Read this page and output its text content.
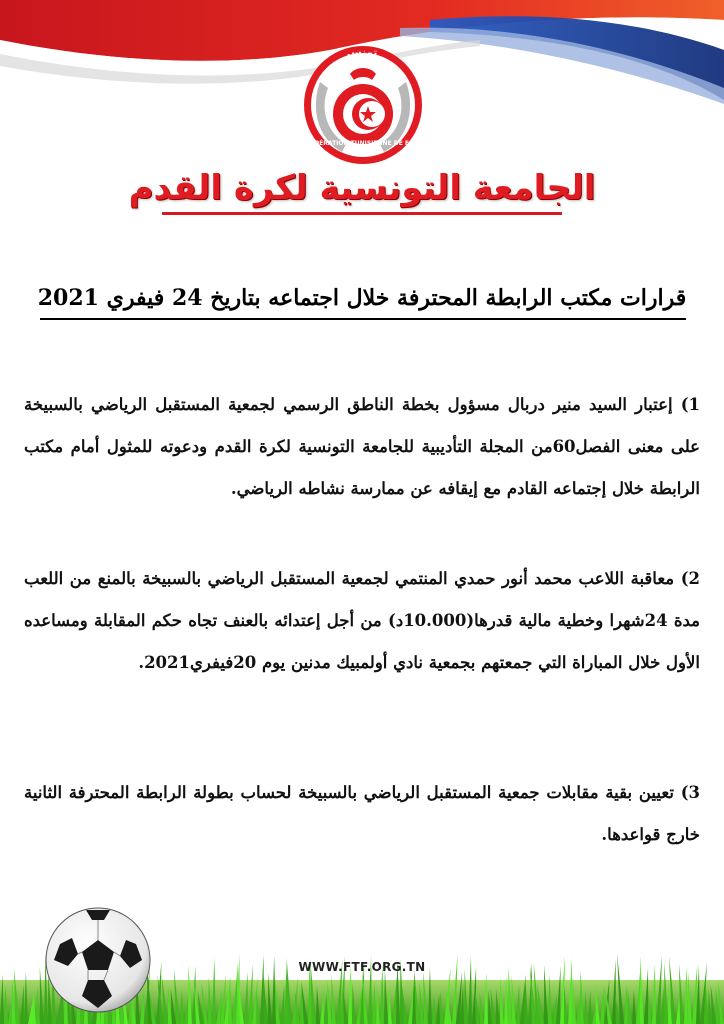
تونس
FÉDÉRATION TUNISIENNE DE FOOTBALL
الجامعة التونسية لكرة القدم
قرارات مكتب الرابطة المحترفة خلال اجتماعه بتاريخ 24 فيفري 2021

1) إعتبار السيد منير دربال مسؤول بخطة الناطق الرسمي لجمعية المستقبل الرياضي بالسبيخة على معنى الفصل60من المجلة التأديبية للجامعة التونسية لكرة القدم ودعوته للمثول أمام مكتب الرابطة خلال إجتماعه القادم مع إيقافه عن ممارسة نشاطه الرياضي.

2) معاقبة اللاعب محمد أنور حمدي المنتمي لجمعية المستقبل الرياضي بالسبيخة بالمنع من اللعب مدة 24شهرا وخطية مالية قدرها(10.000د) من أجل إعتدائه بالعنف تجاه حكم المقابلة ومساعده الأول خلال المباراة التي جمعتهم بجمعية نادي أولمبيك مدنين يوم 20فيفري2021.

3) تعيين بقية مقابلات جمعية المستقبل الرياضي بالسبيخة لحساب بطولة الرابطة المحترفة الثانية خارج قواعدها.

WWW.FTF.ORG.TN
